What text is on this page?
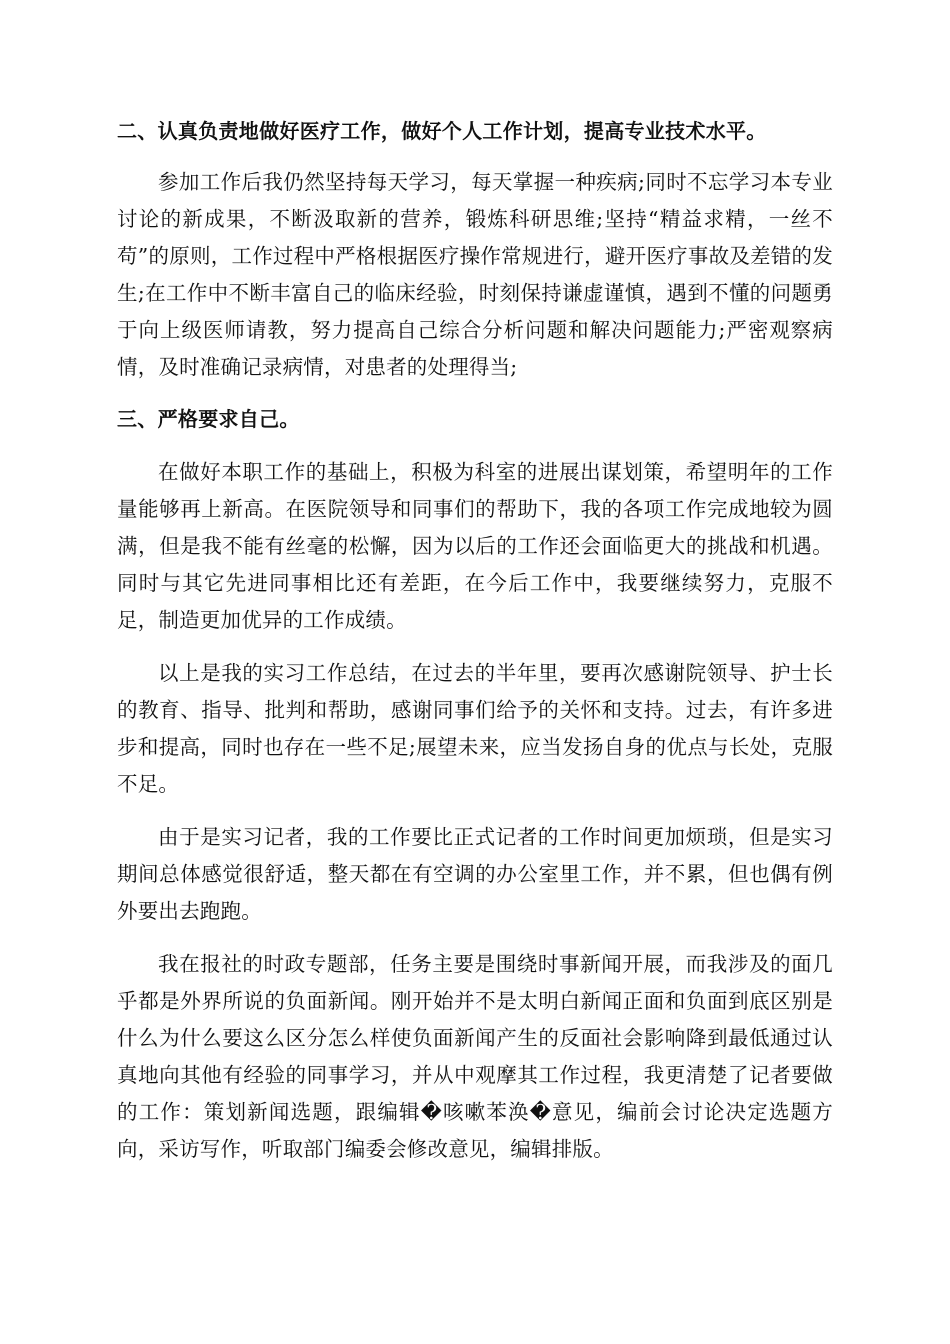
二、认真负责地做好医疗工作，做好个人工作计划，提高专业技术水平。

参加工作后我仍然坚持每天学习，每天掌握一种疾病;同时不忘学习本专业讨论的新成果，不断汲取新的营养，锻炼科研思维;坚持“精益求精，一丝不苟”的原则，工作过程中严格根据医疗操作常规进行，避开医疗事故及差错的发生;在工作中不断丰富自己的临床经验，时刻保持谦虚谨慎，遇到不懂的问题勇于向上级医师请教，努力提高自己综合分析问题和解决问题能力;严密观察病情，及时准确记录病情，对患者的处理得当;

三、严格要求自己。

在做好本职工作的基础上，积极为科室的进展出谋划策，希望明年的工作量能够再上新高。在医院领导和同事们的帮助下，我的各项工作完成地较为圆满，但是我不能有丝毫的松懈，因为以后的工作还会面临更大的挑战和机遇。同时与其它先进同事相比还有差距，在今后工作中，我要继续努力，克服不足，制造更加优异的工作成绩。

以上是我的实习工作总结，在过去的半年里，要再次感谢院领导、护士长的教育、指导、批判和帮助，感谢同事们给予的关怀和支持。过去，有许多进步和提高，同时也存在一些不足;展望未来，应当发扬自身的优点与长处，克服不足。

由于是实习记者，我的工作要比正式记者的工作时间更加烦琐，但是实习期间总体感觉很舒适，整天都在有空调的办公室里工作，并不累，但也偶有例外要出去跑跑。

我在报社的时政专题部，任务主要是围绕时事新闻开展，而我涉及的面几乎都是外界所说的负面新闻。刚开始并不是太明白新闻正面和负面到底区别是什么为什么要这么区分怎么样使负面新闻产生的反面社会影响降到最低通过认真地向其他有经验的同事学习，并从中观摩其工作过程，我更清楚了记者要做的工作：策划新闻选题，跟编辑�咳嗽苯涣�意见，编前会讨论决定选题方向，采访写作，听取部门编委会修改意见，编辑排版。
